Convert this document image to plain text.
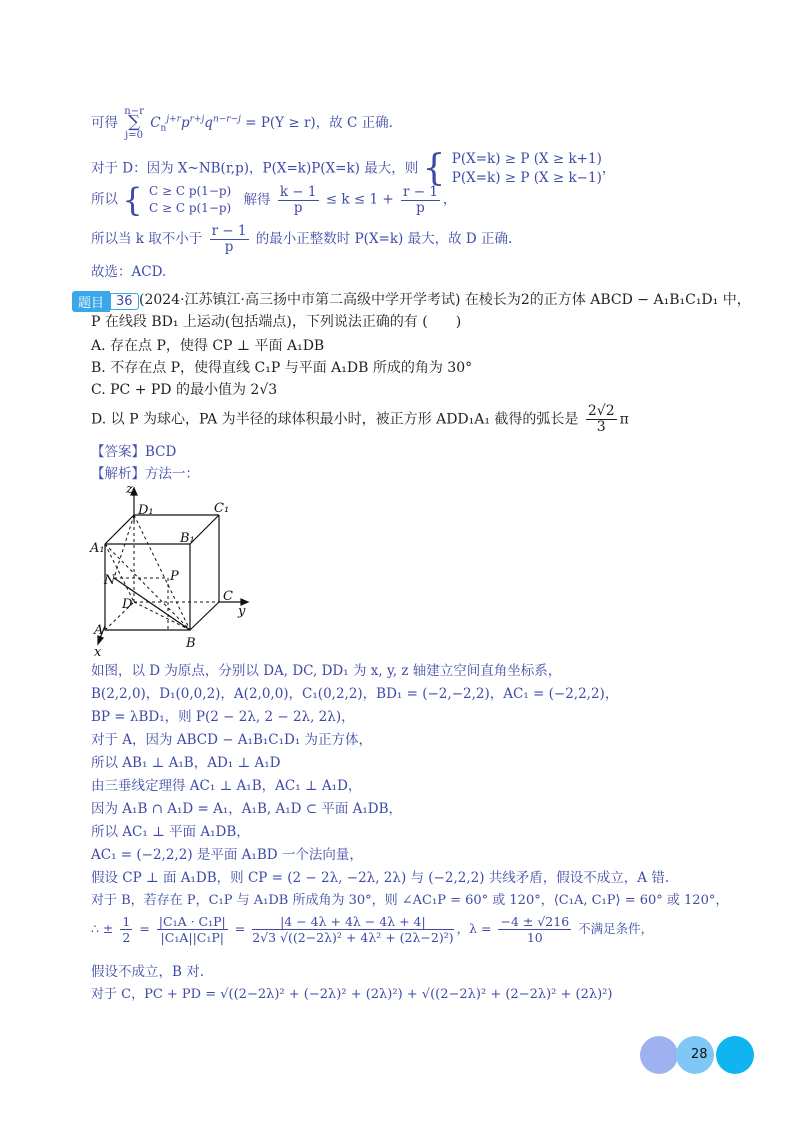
可得 n−r
∑
j=0 $C_n^{j+r}p^{r+j}q^{n-r-j} = P(Y \ge r)$，故 C 正确.
对于 D：因为 X~NB(r,p)，P(X=k)P(X=k) 最大，则 { P(X=k) ≥ P (X ≥ k+1)
P(X=k) ≥ P (X ≥ k−1)，
所以 { C ≥ C p(1−p)
C ≥ C p(1−p) 解得 $\frac{k - 1}{p} \le k \le 1 + \frac{r - 1}{p}$ ，
所以当 k 取不小于 $\frac{r - 1}{p}$ 的最小正整数时 P(X=k) 最大，故 D 正确.
故选：ACD.
题目 36 (2024·江苏镇江·高三扬中市第二高级中学开学考试) 在棱长为2的正方体 ABCD − A₁B₁C₁D₁ 中，
P 在线段 BD₁ 上运动(包括端点)，下列说法正确的有 (　　)
A. 存在点 P，使得 CP ⊥ 平面 A₁DB
B. 不存在点 P，使得直线 C₁P 与平面 A₁DB 所成的角为 30°
C. PC + PD 的最小值为 2√3
D. 以 P 为球心，PA 为半径的球体积最小时，被正方形 ADD₁A₁ 截得的弧长是 $\frac{2√2}{3}$ π
【答案】BCD
【解析】方法一：
z
x
y
D₁	C₁
A₁
B₁
N	P
D
C
A
B
如图，以 D 为原点，分别以 DA, DC, DD₁ 为 x, y, z 轴建立空间直角坐标系，
B(2,2,0)，D₁(0,0,2)，A(2,0,0)，C₁(0,2,2)，BD₁ = (−2,−2,2)，AC₁ = (−2,2,2)，
BP = λBD₁，则 P(2 − 2λ, 2 − 2λ, 2λ)，
对于 A，因为 ABCD − A₁B₁C₁D₁ 为正方体，
所以 AB₁ ⊥ A₁B，AD₁ ⊥ A₁D
由三垂线定理得 AC₁ ⊥ A₁B，AC₁ ⊥ A₁D，
因为 A₁B ∩ A₁D = A₁，A₁B, A₁D ⊂ 平面 A₁DB，
所以 AC₁ ⊥ 平面 A₁DB，
AC₁ = (−2,2,2) 是平面 A₁BD 一个法向量，
假设 CP ⊥ 面 A₁DB，则 CP = (2 − 2λ, −2λ, 2λ) 与 (−2,2,2) 共线矛盾，假设不成立，A 错.
对于 B，若存在 P，C₁P 与 A₁DB 所成角为 30°，则 ∠AC₁P = 60° 或 120°，⟨C₁A, C₁P⟩ = 60° 或 120°，
∴ ± $\frac{1}{2} = \frac{\text{|C₁A · C₁P|}}{\text{|C₁A||C₁P|}} = \frac{|4 - 4\lambda + 4\lambda - 4\lambda + 4|}{\text{2√3 √((2−2λ)² + 4λ² + (2λ−2)²)}}$ ，$\lambda = \frac{-4 \pm √216}{10}$ 不满足条件，
假设不成立，B 对.
对于 C，PC + PD = √((2−2λ)² + (−2λ)² + (2λ)²) + √((2−2λ)² + (2−2λ)² + (2λ)²)
28
